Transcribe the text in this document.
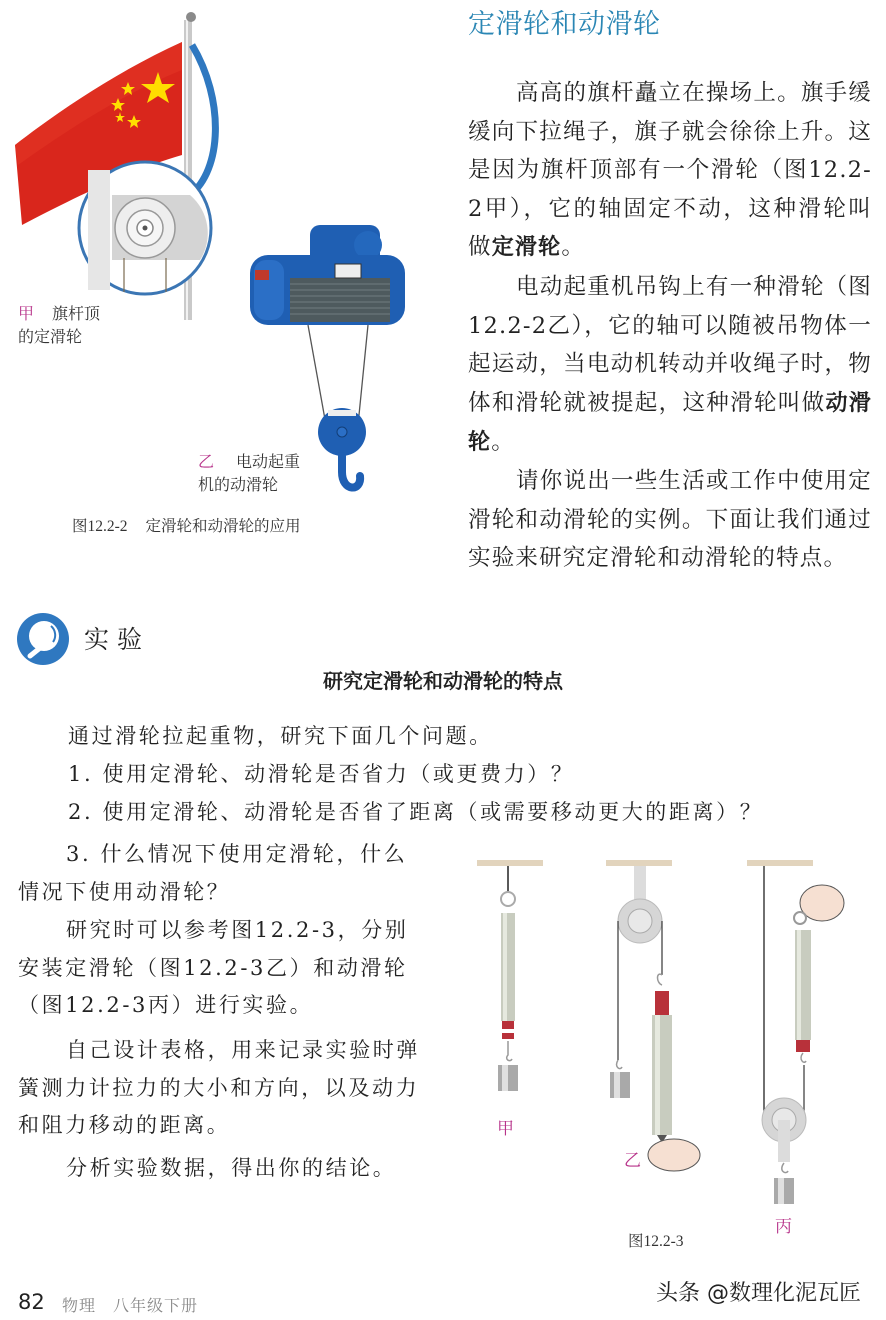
甲 旗杆顶
的定滑轮
乙 电动起重
机的动滑轮
图12.2-2 定滑轮和动滑轮的应用
定滑轮和动滑轮
高高的旗杆矗立在操场上。旗手缓缓向下拉绳子，旗子就会徐徐上升。这是因为旗杆顶部有一个滑轮（图12.2-2甲），它的轴固定不动，这种滑轮叫做定滑轮。
电动起重机吊钩上有一种滑轮（图12.2-2乙），它的轴可以随被吊物体一起运动，当电动机转动并收绳子时，物体和滑轮就被提起，这种滑轮叫做动滑轮。
请你说出一些生活或工作中使用定滑轮和动滑轮的实例。下面让我们通过实验来研究定滑轮和动滑轮的特点。
实验
研究定滑轮和动滑轮的特点
通过滑轮拉起重物，研究下面几个问题。
1. 使用定滑轮、动滑轮是否省力（或更费力）？
2. 使用定滑轮、动滑轮是否省了距离（或需要移动更大的距离）？
3. 什么情况下使用定滑轮，什么情况下使用动滑轮？
研究时可以参考图12.2-3，分别安装定滑轮（图12.2-3乙）和动滑轮（图12.2-3丙）进行实验。
自己设计表格，用来记录实验时弹簧测力计拉力的大小和方向，以及动力和阻力移动的距离。
分析实验数据，得出你的结论。
甲
乙
丙
图12.2-3
82 物理　八年级下册	头条 @数理化泥瓦匠
